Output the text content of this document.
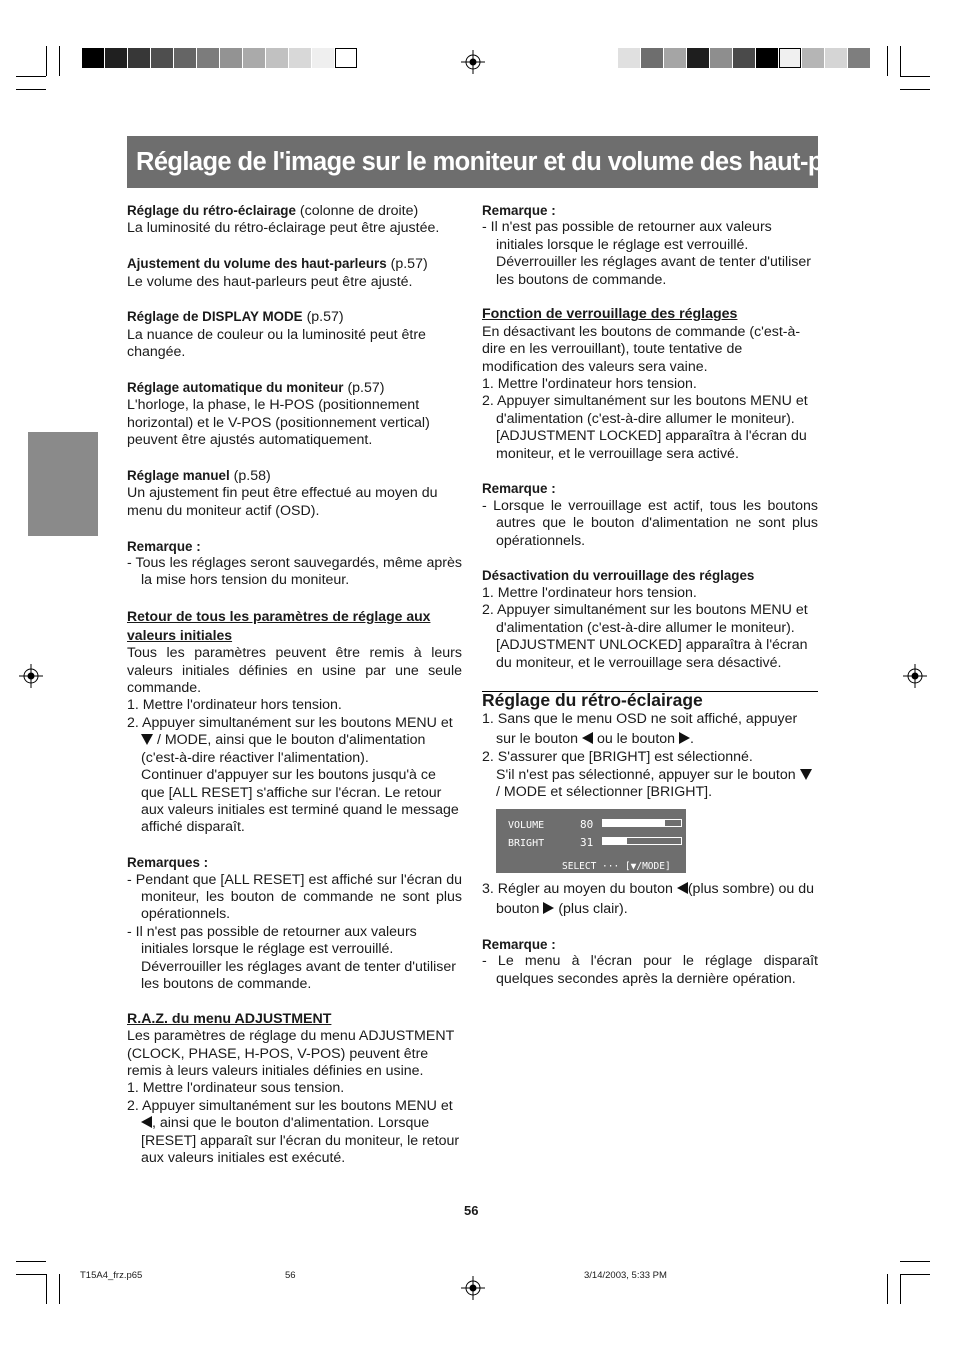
Réglage de l'image sur le moniteur et du volume des haut-parleurs

Réglage du rétro-éclairage (colonne de droite)

La luminosité du rétro-éclairage peut être ajustée.

Ajustement du volume des haut-parleurs (p.57)

Le volume des haut-parleurs peut être ajusté.

Réglage de DISPLAY MODE (p.57)

La nuance de couleur ou la luminosité peut être changée.

Réglage automatique du moniteur (p.57)

L'horloge, la phase, le H-POS (positionnement horizontal) et le V-POS (positionnement vertical) peuvent être ajustés automatiquement.

Réglage manuel (p.58)

Un ajustement fin peut être effectué au moyen du menu du moniteur actif (OSD).

Remarque :

- Tous les réglages seront sauvegardés, même après la mise hors tension du moniteur.

Retour de tous les paramètres de réglage aux valeurs initiales

Tous les paramètres peuvent être remis à leurs valeurs initiales définies en usine par une seule commande.

1. Mettre l'ordinateur hors tension.

2. Appuyer simultanément sur les boutons MENU et  / MODE, ainsi que le bouton d'alimentation (c'est-à-dire réactiver l'alimentation).

Continuer d'appuyer sur les boutons jusqu'à ce que [ALL RESET] s'affiche sur l'écran. Le retour aux valeurs initiales est terminé quand le message affiché disparaît.

Remarques :

- Pendant que [ALL RESET] est affiché sur l'écran du moniteur, les bouton de commande ne sont plus opérationnels.

- Il n'est pas possible de retourner aux valeurs initiales lorsque le réglage est verrouillé. Déverrouiller les réglages avant de tenter d'utiliser les boutons de commande.

R.A.Z. du menu ADJUSTMENT

Les paramètres de réglage du menu ADJUSTMENT (CLOCK, PHASE, H-POS, V-POS) peuvent être remis à leurs valeurs initiales définies en usine.

1. Mettre l'ordinateur sous tension.

2. Appuyer simultanément sur les boutons MENU et , ainsi que le bouton d'alimentation. Lorsque [RESET] apparaît sur l'écran du moniteur, le retour aux valeurs initiales est exécuté.

Remarque :

- Il n'est pas possible de retourner aux valeurs initiales lorsque le réglage est verrouillé. Déverrouiller les réglages avant de tenter d'utiliser les boutons de commande.

Fonction de verrouillage des réglages

En désactivant les boutons de commande (c'est-à-dire en les verrouillant), toute tentative de modification des valeurs sera vaine.

1. Mettre l'ordinateur hors tension.

2. Appuyer simultanément sur les boutons MENU et d'alimentation (c'est-à-dire allumer le moniteur).

[ADJUSTMENT LOCKED] apparaîtra à l'écran du moniteur, et le verrouillage sera activé.

Remarque :

- Lorsque le verrouillage est actif, tous les boutons autres que le bouton d'alimentation ne sont plus opérationnels.

Désactivation du verrouillage des réglages

1. Mettre l'ordinateur hors tension.

2. Appuyer simultanément sur les boutons MENU et d'alimentation (c'est-à-dire allumer le moniteur).

[ADJUSTMENT UNLOCKED] apparaîtra à l'écran du moniteur, et le verrouillage sera désactivé.

Réglage du rétro-éclairage

1. Sans que le menu OSD ne soit affiché, appuyer sur le bouton ou le bouton .

2. S'assurer que [BRIGHT] est sélectionné.

S'il n'est pas sélectionné, appuyer sur le bouton  / MODE et sélectionner [BRIGHT].

VOLUME	80
BRIGHT	31
SELECT ··· [▼/MODE]

3. Régler au moyen du bouton (plus sombre) ou du bouton (plus clair).

Remarque :

- Le menu à l'écran pour le réglage disparaît quelques secondes après la dernière opération.

56
T15A4_frz.p65	56	3/14/2003, 5:33 PM
